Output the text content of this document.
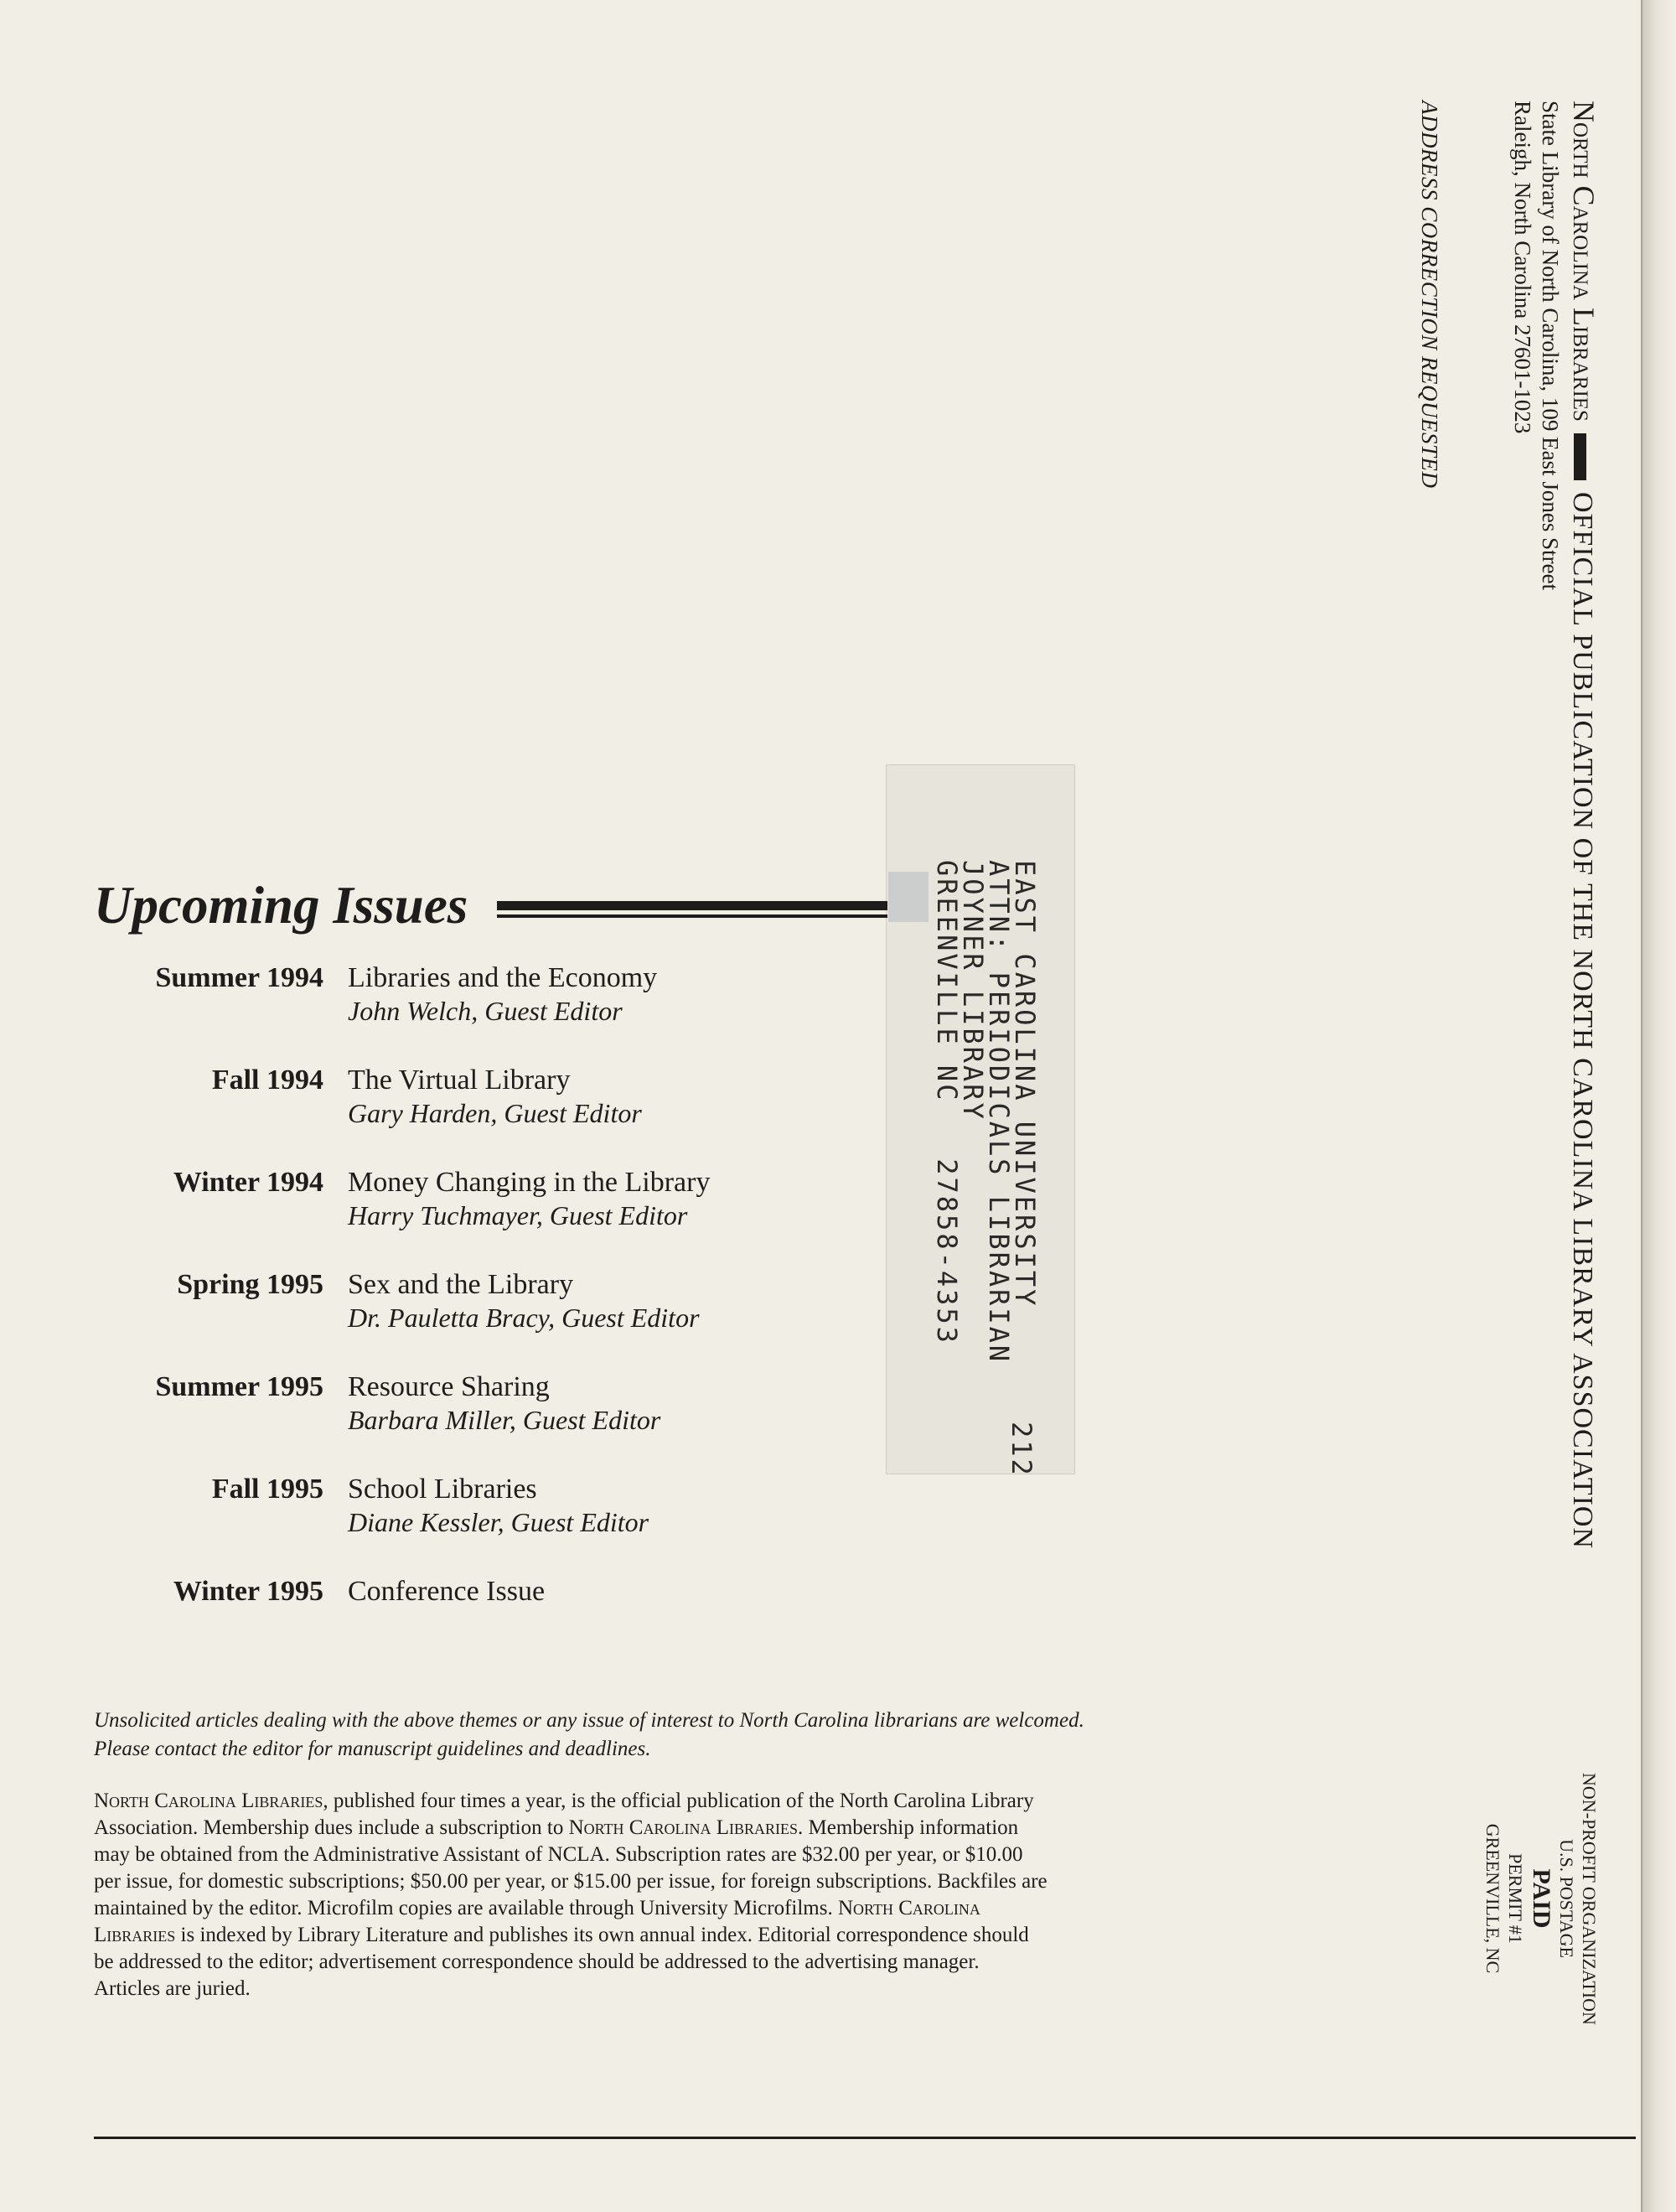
North Carolina LibrariesOFFICIAL PUBLICATION OF THE NORTH CAROLINA LIBRARY ASSOCIATION
State Library of North Carolina, 109 East Jones Street
Raleigh, North Carolina 27601-1023
ADDRESS CORRECTION REQUESTED
NON-PROFIT ORGANIZATION
U.S. POSTAGE
PAID
PERMIT #1
GREENVILLE, NC
EAST CAROLINA UNIVERSITY
ATTN: PERIODICALS LIBRARIAN
JOYNER LIBRARY
GREENVILLE NC   27858-4353
212
Upcoming Issues
Summer 1994 Libraries and the Economy
John Welch, Guest Editor
Fall 1994 The Virtual Library
Gary Harden, Guest Editor
Winter 1994 Money Changing in the Library
Harry Tuchmayer, Guest Editor
Spring 1995 Sex and the Library
Dr. Pauletta Bracy, Guest Editor
Summer 1995 Resource Sharing
Barbara Miller, Guest Editor
Fall 1995 School Libraries
Diane Kessler, Guest Editor
Winter 1995 Conference Issue
Unsolicited articles dealing with the above themes or any issue of interest to North Carolina librarians are welcomed. Please contact the editor for manuscript guidelines and deadlines.
North Carolina Libraries, published four times a year, is the official publication of the North Carolina Library Association. Membership dues include a subscription to North Carolina Libraries. Membership information may be obtained from the Administrative Assistant of NCLA. Subscription rates are $32.00 per year, or $10.00 per issue, for domestic subscriptions; $50.00 per year, or $15.00 per issue, for foreign subscriptions. Backfiles are maintained by the editor. Microfilm copies are available through University Microfilms. North Carolina Libraries is indexed by Library Literature and publishes its own annual index. Editorial correspondence should be addressed to the editor; advertisement correspondence should be addressed to the advertising manager. Articles are juried.
